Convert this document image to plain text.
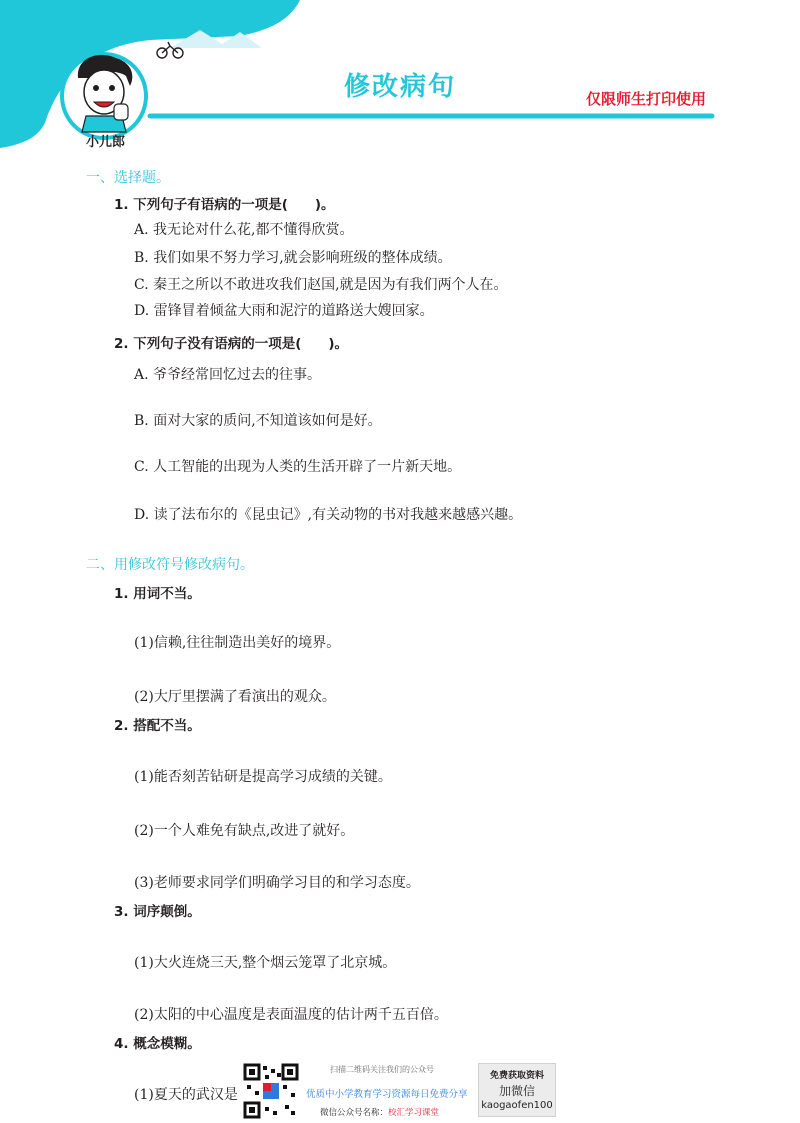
修改病句	仅限师生打印使用
小儿郎
一、选择题。
1. 下列句子有语病的一项是(　　)。
A. 我无论对什么花,都不懂得欣赏。
B. 我们如果不努力学习,就会影响班级的整体成绩。
C. 秦王之所以不敢进攻我们赵国,就是因为有我们两个人在。
D. 雷锋冒着倾盆大雨和泥泞的道路送大嫂回家。
2. 下列句子没有语病的一项是(　　)。
A. 爷爷经常回忆过去的往事。
B. 面对大家的质问,不知道该如何是好。
C. 人工智能的出现为人类的生活开辟了一片新天地。
D. 读了法布尔的《昆虫记》,有关动物的书对我越来越感兴趣。
二、用修改符号修改病句。
1. 用词不当。
(1)信赖,往往制造出美好的境界。
(2)大厅里摆满了看演出的观众。
2. 搭配不当。
(1)能否刻苦钻研是提高学习成绩的关键。
(2)一个人难免有缺点,改进了就好。
(3)老师要求同学们明确学习目的和学习态度。
3. 词序颠倒。
(1)大火连烧三天,整个烟云笼罩了北京城。
(2)太阳的中心温度是表面温度的估计两千五百倍。
4. 概念模糊。
(1)夏天的武汉是
扫描二维码关注我们的公众号
优质中小学教育学习资源每日免费分享
微信公众号名称：校汇学习课堂
免费获取资料
加微信
kaogaofen100
